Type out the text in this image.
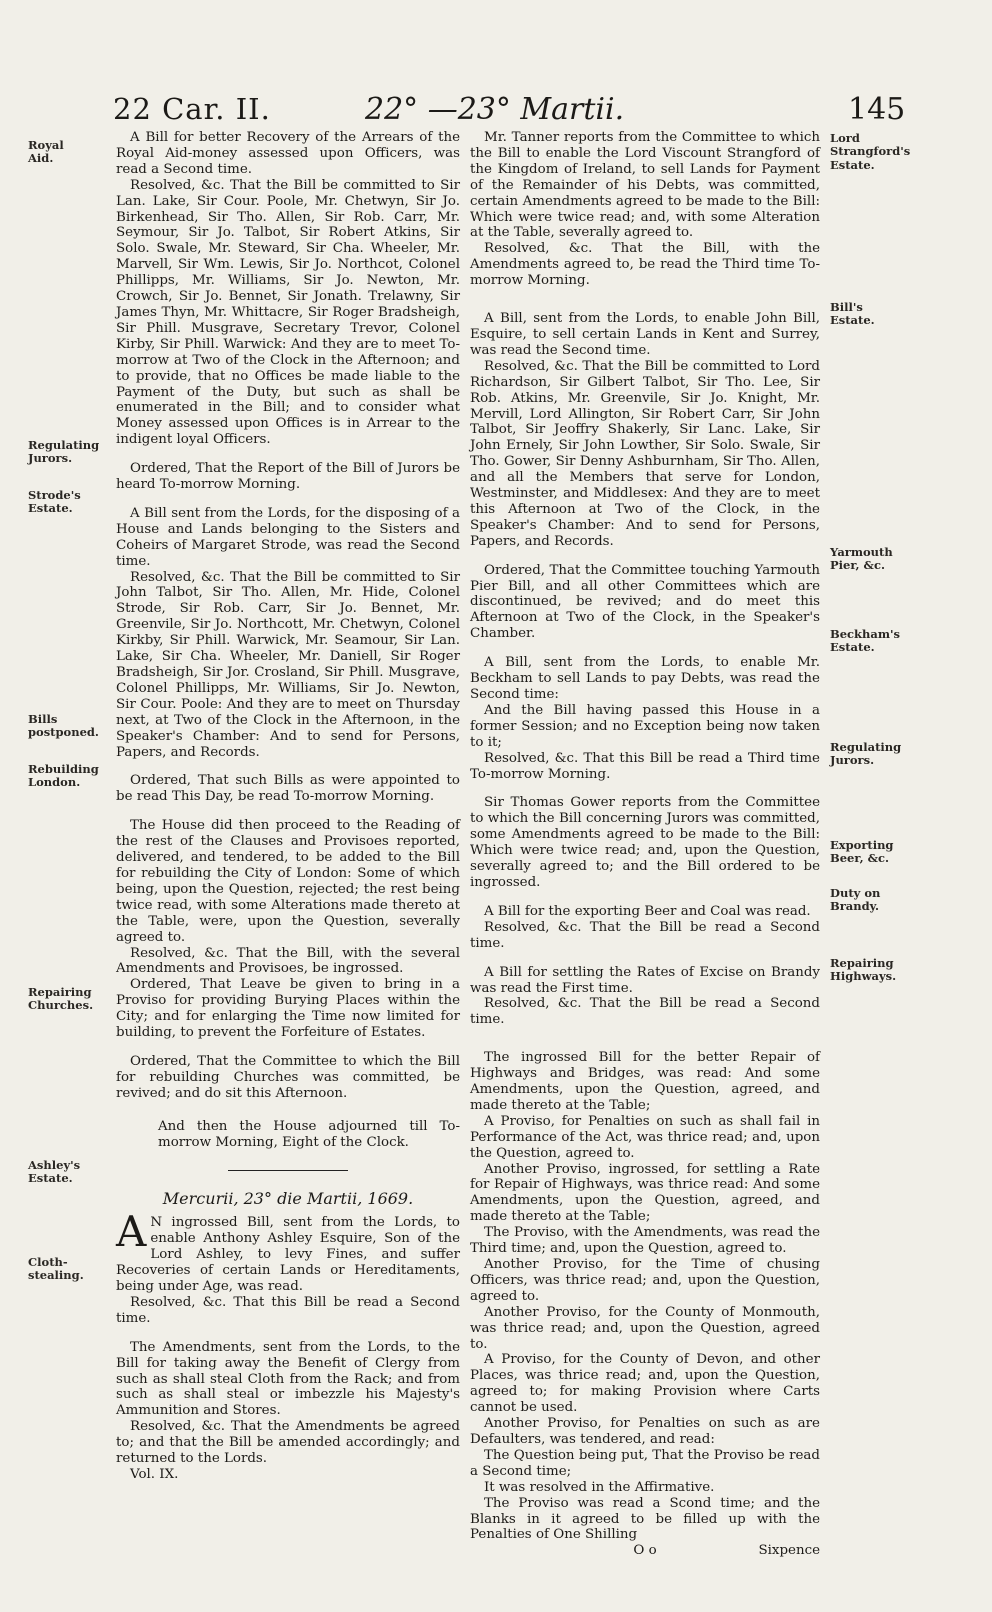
22 Car. II.	22° —23° Martii.	145
Royal Aid.
Regulating Jurors.
Strode's Estate.
Bills postponed.
Rebuilding London.
Repairing Churches.
Ashley's Estate.
Cloth-stealing.
Lord Strangford's Estate.
Bill's Estate.
Yarmouth Pier, &c.
Beckham's Estate.
Regulating Jurors.
Exporting Beer, &c.
Duty on Brandy.
Repairing Highways.

A Bill for better Recovery of the Arrears of the Royal Aid-money assessed upon Officers, was read a Second time.

Resolved, &c. That the Bill be committed to Sir Lan. Lake, Sir Cour. Poole, Mr. Chetwyn, Sir Jo. Birkenhead, Sir Tho. Allen, Sir Rob. Carr, Mr. Seymour, Sir Jo. Talbot, Sir Robert Atkins, Sir Solo. Swale, Mr. Steward, Sir Cha. Wheeler, Mr. Marvell, Sir Wm. Lewis, Sir Jo. Northcot, Colonel Phillipps, Mr. Williams, Sir Jo. Newton, Mr. Crowch, Sir Jo. Bennet, Sir Jonath. Trelawny, Sir James Thyn, Mr. Whittacre, Sir Roger Bradsheigh, Sir Phill. Musgrave, Secretary Trevor, Colonel Kirby, Sir Phill. Warwick: And they are to meet To-morrow at Two of the Clock in the Afternoon; and to provide, that no Offices be made liable to the Payment of the Duty, but such as shall be enumerated in the Bill; and to consider what Money assessed upon Offices is in Arrear to the indigent loyal Officers.

Ordered, That the Report of the Bill of Jurors be heard To-morrow Morning.

A Bill sent from the Lords, for the disposing of a House and Lands belonging to the Sisters and Coheirs of Margaret Strode, was read the Second time.

Resolved, &c. That the Bill be committed to Sir John Talbot, Sir Tho. Allen, Mr. Hide, Colonel Strode, Sir Rob. Carr, Sir Jo. Bennet, Mr. Greenvile, Sir Jo. Northcott, Mr. Chetwyn, Colonel Kirkby, Sir Phill. Warwick, Mr. Seamour, Sir Lan. Lake, Sir Cha. Wheeler, Mr. Daniell, Sir Roger Bradsheigh, Sir Jor. Crosland, Sir Phill. Musgrave, Colonel Phillipps, Mr. Williams, Sir Jo. Newton, Sir Cour. Poole: And they are to meet on Thursday next, at Two of the Clock in the Afternoon, in the Speaker's Chamber: And to send for Persons, Papers, and Records.

Ordered, That such Bills as were appointed to be read This Day, be read To-morrow Morning.

The House did then proceed to the Reading of the rest of the Clauses and Provisoes reported, delivered, and tendered, to be added to the Bill for rebuilding the City of London: Some of which being, upon the Question, rejected; the rest being twice read, with some Alterations made thereto at the Table, were, upon the Question, severally agreed to.

Resolved, &c. That the Bill, with the several Amendments and Provisoes, be ingrossed.

Ordered, That Leave be given to bring in a Proviso for providing Burying Places within the City; and for enlarging the Time now limited for building, to prevent the Forfeiture of Estates.

Ordered, That the Committee to which the Bill for rebuilding Churches was committed, be revived; and do sit this Afternoon.

And then the House adjourned till To-morrow Morning, Eight of the Clock.

Mercurii, 23° die Martii, 1669.

A N ingrossed Bill, sent from the Lords, to enable Anthony Ashley Esquire, Son of the Lord Ashley, to levy Fines, and suffer Recoveries of certain Lands or Hereditaments, being under Age, was read.

Resolved, &c. That this Bill be read a Second time.

The Amendments, sent from the Lords, to the Bill for taking away the Benefit of Clergy from such as shall steal Cloth from the Rack; and from such as shall steal or imbezzle his Majesty's Ammunition and Stores.

Resolved, &c. That the Amendments be agreed to; and that the Bill be amended accordingly; and returned to the Lords.

Vol. IX.

Mr. Tanner reports from the Committee to which the Bill to enable the Lord Viscount Strangford of the Kingdom of Ireland, to sell Lands for Payment of the Remainder of his Debts, was committed, certain Amendments agreed to be made to the Bill: Which were twice read; and, with some Alteration at the Table, severally agreed to.

Resolved, &c. That the Bill, with the Amendments agreed to, be read the Third time To-morrow Morning.

A Bill, sent from the Lords, to enable John Bill, Esquire, to sell certain Lands in Kent and Surrey, was read the Second time.

Resolved, &c. That the Bill be committed to Lord Richardson, Sir Gilbert Talbot, Sir Tho. Lee, Sir Rob. Atkins, Mr. Greenvile, Sir Jo. Knight, Mr. Mervill, Lord Allington, Sir Robert Carr, Sir John Talbot, Sir Jeoffry Shakerly, Sir Lanc. Lake, Sir John Ernely, Sir John Lowther, Sir Solo. Swale, Sir Tho. Gower, Sir Denny Ashburnham, Sir Tho. Allen, and all the Members that serve for London, Westminster, and Middlesex: And they are to meet this Afternoon at Two of the Clock, in the Speaker's Chamber: And to send for Persons, Papers, and Records.

Ordered, That the Committee touching Yarmouth Pier Bill, and all other Committees which are discontinued, be revived; and do meet this Afternoon at Two of the Clock, in the Speaker's Chamber.

A Bill, sent from the Lords, to enable Mr. Beckham to sell Lands to pay Debts, was read the Second time:

And the Bill having passed this House in a former Session; and no Exception being now taken to it;

Resolved, &c. That this Bill be read a Third time To-morrow Morning.

Sir Thomas Gower reports from the Committee to which the Bill concerning Jurors was committed, some Amendments agreed to be made to the Bill: Which were twice read; and, upon the Question, severally agreed to; and the Bill ordered to be ingrossed.

A Bill for the exporting Beer and Coal was read.

Resolved, &c. That the Bill be read a Second time.

A Bill for settling the Rates of Excise on Brandy was read the First time.

Resolved, &c. That the Bill be read a Second time.

The ingrossed Bill for the better Repair of Highways and Bridges, was read: And some Amendments, upon the Question, agreed, and made thereto at the Table;

A Proviso, for Penalties on such as shall fail in Performance of the Act, was thrice read; and, upon the Question, agreed to.

Another Proviso, ingrossed, for settling a Rate for Repair of Highways, was thrice read: And some Amendments, upon the Question, agreed, and made thereto at the Table;

The Proviso, with the Amendments, was read the Third time; and, upon the Question, agreed to.

Another Proviso, for the Time of chusing Officers, was thrice read; and, upon the Question, agreed to.

Another Proviso, for the County of Monmouth, was thrice read; and, upon the Question, agreed to.

A Proviso, for the County of Devon, and other Places, was thrice read; and, upon the Question, agreed to; for making Provision where Carts cannot be used.

Another Proviso, for Penalties on such as are Defaulters, was tendered, and read:

The Question being put, That the Proviso be read a Second time;

It was resolved in the Affirmative.

The Proviso was read a Scond time; and the Blanks in it agreed to be filled up with the Penalties of One Shilling

O o	Sixpence
